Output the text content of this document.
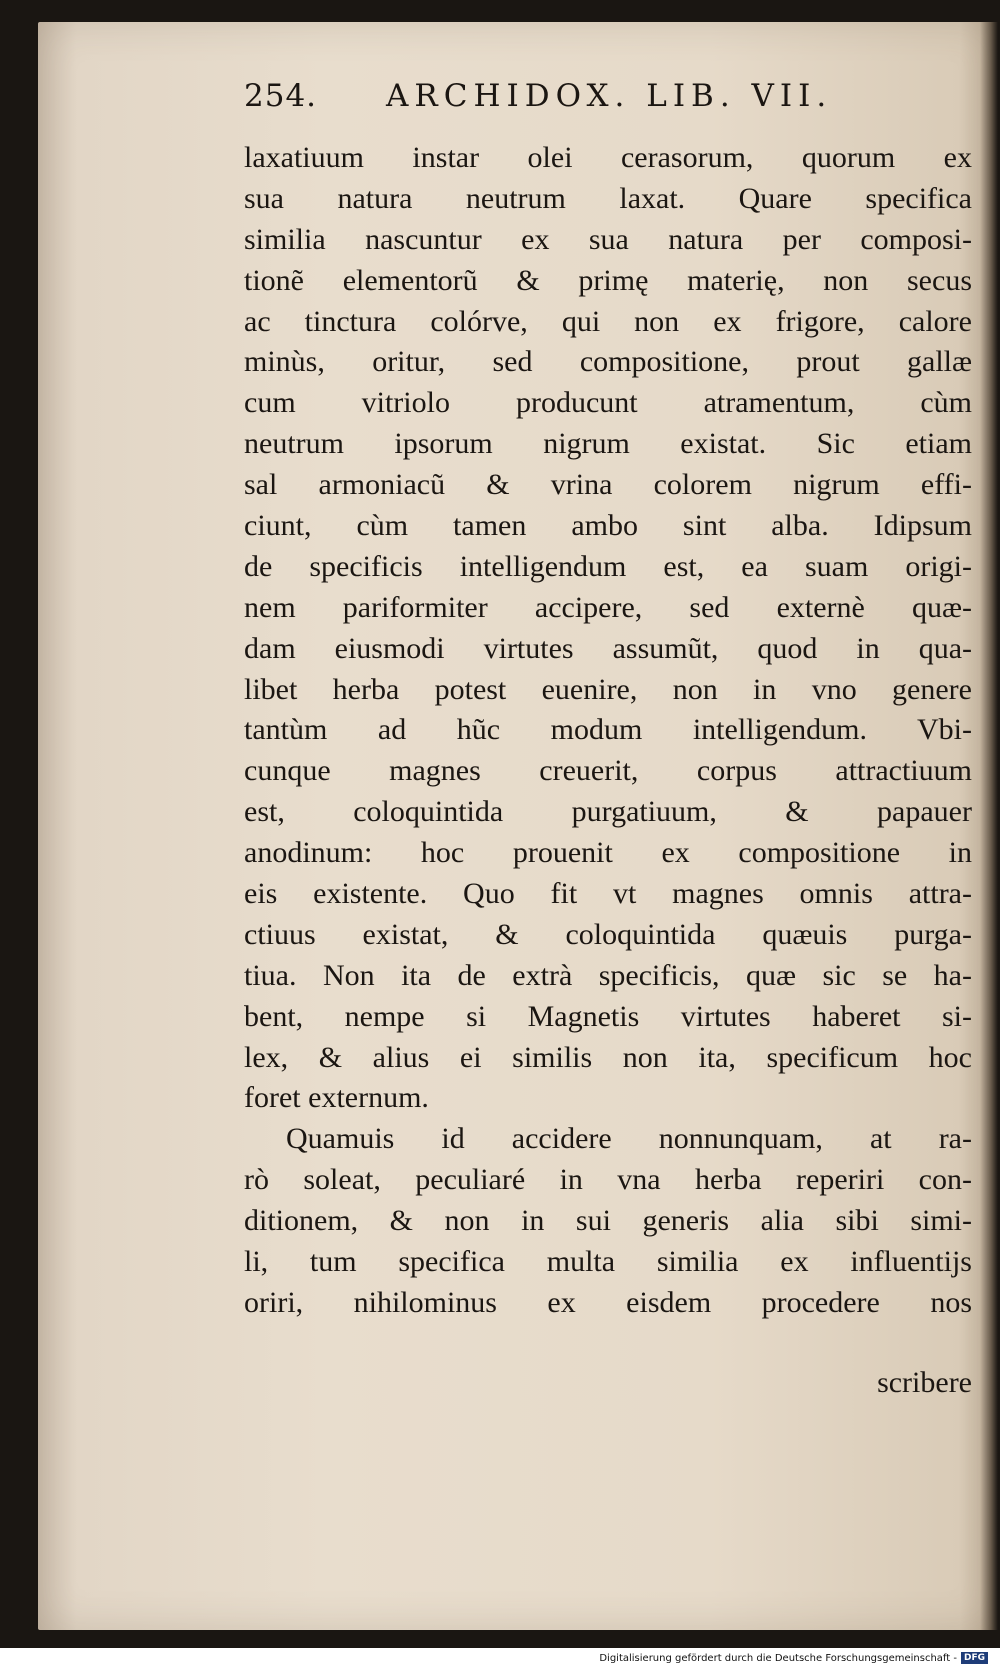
254. ARCHIDOX. LIB. VII.
laxatiuum instar olei cerasorum, quorum ex
sua natura neutrum laxat. Quare specifica
similia nascuntur ex sua natura per composi-
tionẽ elementorũ & primę materię, non secus
ac tinctura colórve, qui non ex frigore, calore
minùs, oritur, sed compositione, prout gallæ
cum vitriolo producunt atramentum, cùm
neutrum ipsorum nigrum existat. Sic etiam
sal armoniacũ & vrina colorem nigrum effi-
ciunt, cùm tamen ambo sint alba. Idipsum
de specificis intelligendum est, ea suam origi-
nem pariformiter accipere, sed externè quæ-
dam eiusmodi virtutes assumũt, quod in qua-
libet herba potest euenire, non in vno genere
tantùm ad hũc modum intelligendum. Vbi-
cunque magnes creuerit, corpus attractiuum
est, coloquintida purgatiuum, & papauer
anodinum: hoc prouenit ex compositione in
eis existente. Quo fit vt magnes omnis attra-
ctiuus existat, & coloquintida quæuis purga-
tiua. Non ita de extrà specificis, quæ sic se ha-
bent, nempe si Magnetis virtutes haberet si-
lex, & alius ei similis non ita, specificum hoc
foret externum.
Quamuis id accidere nonnunquam, at ra-
rò soleat, peculiaré in vna herba reperiri con-
ditionem, & non in sui generis alia sibi simi-
li, tum specifica multa similia ex influentijs
oriri, nihilominus ex eisdem procedere nos
scribere
Digitalisierung gefördert durch die Deutsche Forschungsgemeinschaft - DFG
